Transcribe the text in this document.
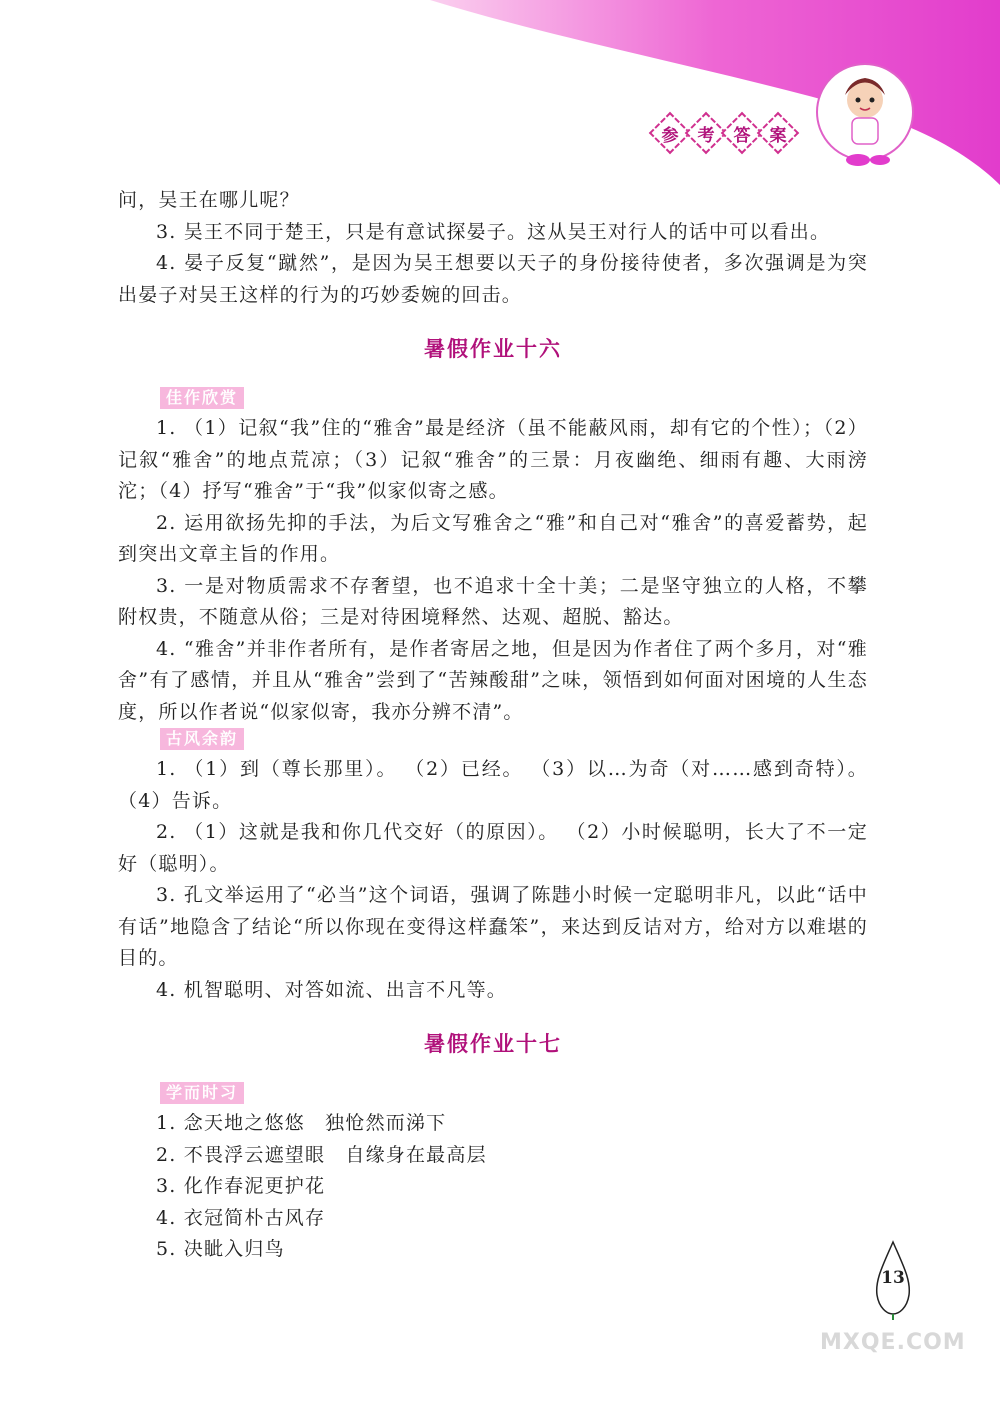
参 考 答 案

问，吴王在哪儿呢？

3. 吴王不同于楚王，只是有意试探晏子。这从吴王对行人的话中可以看出。

4. 晏子反复“蹴然”，是因为吴王想要以天子的身份接待使者，多次强调是为突出晏子对吴王这样的行为的巧妙委婉的回击。

暑假作业十六
佳作欣赏

1. （1）记叙“我”住的“雅舍”最是经济（虽不能蔽风雨，却有它的个性）；（2）记叙“雅舍”的地点荒凉；（3）记叙“雅舍”的三景：月夜幽绝、细雨有趣、大雨滂沱；（4）抒写“雅舍”于“我”似家似寄之感。

2. 运用欲扬先抑的手法，为后文写雅舍之“雅”和自己对“雅舍”的喜爱蓄势，起到突出文章主旨的作用。

3. 一是对物质需求不存奢望，也不追求十全十美；二是坚守独立的人格，不攀附权贵，不随意从俗；三是对待困境释然、达观、超脱、豁达。

4. “雅舍”并非作者所有，是作者寄居之地，但是因为作者住了两个多月，对“雅舍”有了感情，并且从“雅舍”尝到了“苦辣酸甜”之味，领悟到如何面对困境的人生态度，所以作者说“似家似寄，我亦分辨不清”。

古风余韵

1. （1）到（尊长那里）。 （2）已经。 （3）以…为奇（对……感到奇特）。 （4）告诉。

2. （1）这就是我和你几代交好（的原因）。 （2）小时候聪明，长大了不一定好（聪明）。

3. 孔文举运用了“必当”这个词语，强调了陈韪小时候一定聪明非凡，以此“话中有话”地隐含了结论“所以你现在变得这样蠢笨”，来达到反诘对方，给对方以难堪的目的。

4. 机智聪明、对答如流、出言不凡等。

暑假作业十七
学而时习

1. 念天地之悠悠　独怆然而涕下

2. 不畏浮云遮望眼　自缘身在最高层

3. 化作春泥更护花

4. 衣冠简朴古风存

5. 决眦入归鸟

13
MXQE.COM
